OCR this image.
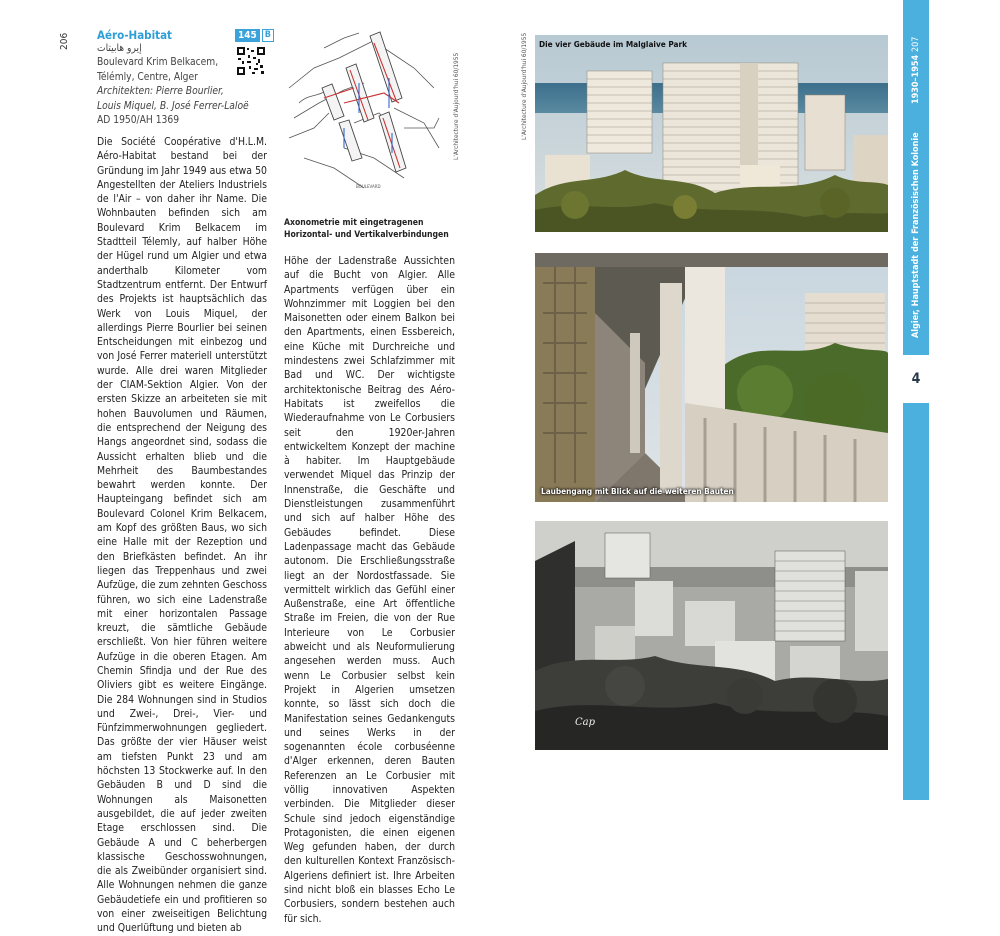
206 Aéro-Habitat	145 B
إيرو هابيتات
Boulevard Krim Belkacem,
Télémly, Centre, Alger
Architekten: Pierre Bourlier,
Louis Miquel, B. José Ferrer-Laloë
AD 1950/AH 1369

Die Société Coopérative d'H.L.M. Aéro-Habitat bestand bei der Gründung im Jahr 1949 aus etwa 50 Angestellten der Ateliers Industriels de l'Air – von daher ihr Name. Die Wohnbauten befinden sich am Boulevard Krim Belkacem im Stadtteil Télemly, auf halber Höhe der Hügel rund um Algier und etwa anderthalb Kilometer vom Stadtzentrum entfernt. Der Entwurf des Projekts ist hauptsächlich das Werk von Louis Miquel, der allerdings Pierre Bourlier bei seinen Entscheidungen mit einbezog und von José Ferrer materiell unterstützt wurde. Alle drei waren Mitglieder der CIAM-Sektion Algier. Von der ersten Skizze an arbeiteten sie mit hohen Bauvolumen und Räumen, die entsprechend der Neigung des Hangs angeordnet sind, sodass die Aussicht erhalten blieb und die Mehrheit des Baumbestandes bewahrt werden konnte. Der Haupteingang befindet sich am Boulevard Colonel Krim Belkacem, am Kopf des größten Baus, wo sich eine Halle mit der Rezeption und den Briefkästen befindet. An ihr liegen das Treppenhaus und zwei Aufzüge, die zum zehnten Geschoss führen, wo sich eine Ladenstraße mit einer horizontalen Passage kreuzt, die sämtliche Gebäude erschließt. Von hier führen weitere Aufzüge in die oberen Etagen. Am Chemin Sfindja und der Rue des Oliviers gibt es weitere Eingänge. Die 284 Wohnungen sind in Studios und Zwei-, Drei-, Vier- und Fünfzimmerwohnungen gegliedert. Das größte der vier Häuser weist am tiefsten Punkt 23 und am höchsten 13 Stockwerke auf. In den Gebäuden B und D sind die Wohnungen als Maisonetten ausgebildet, die auf jeder zweiten Etage erschlossen sind. Die Gebäude A und C beherbergen klassische Geschosswohnungen, die als Zweibünder organisiert sind. Alle Wohnungen nehmen die ganze Gebäudetiefe ein und profitieren so von einer zweiseitigen Belichtung und Querlüftung und bieten ab

BOULEVARD
L'Architecture d'Aujourd'hui 60/1955
Axonometrie mit eingetragenen Horizontal- und Vertikalverbindungen

Höhe der Ladenstraße Aussichten auf die Bucht von Algier. Alle Apartments verfügen über ein Wohnzimmer mit Loggien bei den Maisonetten oder einem Balkon bei den Apartments, einen Essbereich, eine Küche mit Durchreiche und mindestens zwei Schlafzimmer mit Bad und WC. Der wichtigste architektonische Beitrag des Aéro-Habitats ist zweifellos die Wiederaufnahme von Le Corbusiers seit den 1920er-Jahren entwickeltem Konzept der machine à habiter. Im Hauptgebäude verwendet Miquel das Prinzip der Innenstraße, die Geschäfte und Dienstleistungen zusammenführt und sich auf halber Höhe des Gebäudes befindet. Diese Ladenpassage macht das Gebäude autonom. Die Erschließungsstraße liegt an der Nordostfassade. Sie vermittelt wirklich das Gefühl einer Außenstraße, eine Art öffentliche Straße im Freien, die von der Rue Interieure von Le Corbusier abweicht und als Neuformulierung angesehen werden muss. Auch wenn Le Corbusier selbst kein Projekt in Algerien umsetzen konnte, so lässt sich doch die Manifestation seines Gedankenguts und seines Werks in der sogenannten école corbuséenne d'Alger erkennen, deren Bauten Referenzen an Le Corbusier mit völlig innovativen Aspekten verbinden. Die Mitglieder dieser Schule sind jedoch eigenständige Protagonisten, die einen eigenen Weg gefunden haben, der durch den kulturellen Kontext Französisch-Algeriens definiert ist. Ihre Arbeiten sind nicht bloß ein blasses Echo Le Corbusiers, sondern bestehen auch für sich.

L'Architecture d'Aujourd'hui 60/1955 Die vier Gebäude im Malglaive Park
Laubengang mit Blick auf die weiteren Bauten
Cap
207
1930–1954
Algier, Hauptstadt der Französischen Kolonie
4
